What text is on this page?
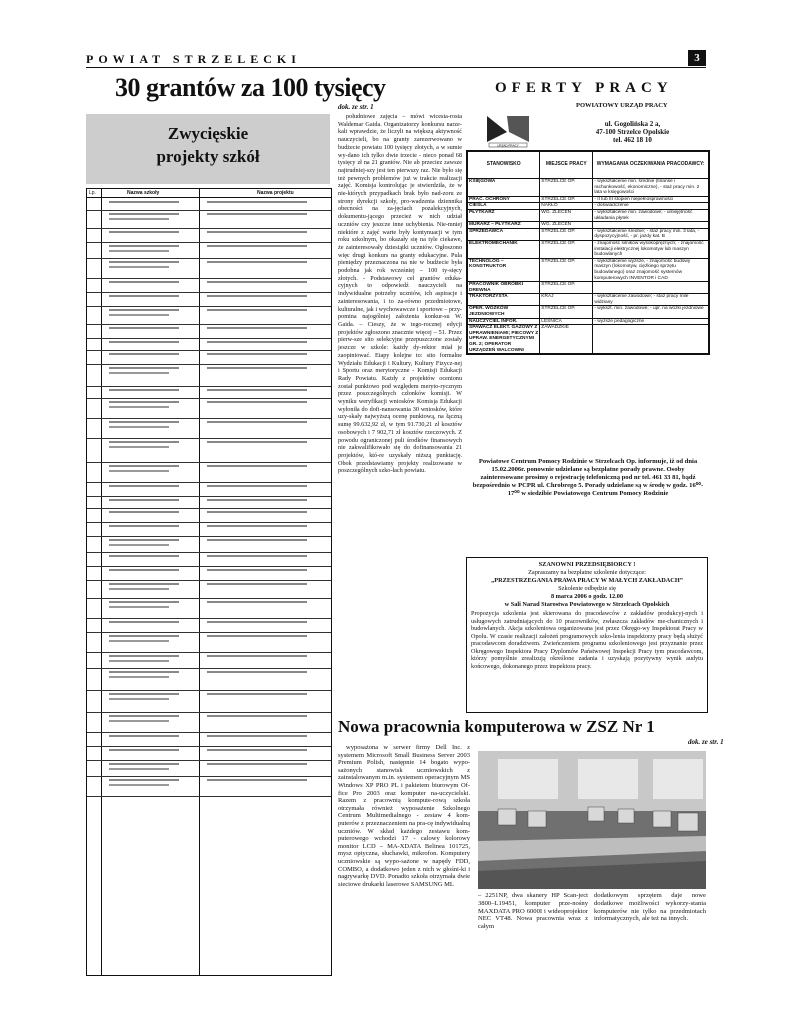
POWIAT STRZELECKI	3
30 grantów za 100 tysięcy
dok. ze str. 1
Zwycięskie
projekty szkół
Lp.	Nazwa szkoły	Nazwa projektu

południowe zajęcia – mówi wicesta-rosta Waldemar Gaida. Organizatorzy konkursu narze-kali wprawdzie, że liczyli na większą aktywność nauczycieli, bo na granty zarezerwowano w budżecie powiatu 100 tysięcy złotych, a w sumie wy-dano ich tylko dwie trzecie - nieco ponad 68 tysięcy zł na 21 grantów. Nie ab przeciez zawsze najtrudniej-szy jest ten pierwszy raz. Nie było się też pewnych problemów już w trakcie realizacji zajęć. Komisja kontrolując je stwierdziła, że w nie-których przypadkach brak było nad-zoru ze strony dyrekcji szkoły, pro-wadzenia dziennika obecności na za-jęciach pozalekcyjnych, dokumentu-jącego przecież w nich udział uczniów czy jeszcze inne uchybienia. Nie-mniej niektóre z zajęć warte były kontynuacji w tym roku szkolnym, bo okazały się na tyle ciekawe, że zainteresowały dziesiątki uczniów. Ogłoszono więc drugi konkurs na granty edukacyjne. Pula pieniędzy przeznaczona na nie w budżecie była podobna jak rok wcześniej – 100 ty-sięcy złotych. - Podstawowy cel grantów eduka-cyjnych to odpowiedź nauczycieli na indywidualne potrzeby uczniów, ich aspiracje i zainteresowania, i to za-równo przedmiotowe, kulturalne, jak i wychowawcze i sportowe – przy-pomina najogólniej założenia konkur-su W. Gaida. – Cieszy, że w tego-rocznej edycji projektów zgłoszono znacznie więcej – 51. Przez pierw-sze sito selekcyjne przepuszczone zostały jeszcze w szkole: każdy dy-rektor miał je zaopiniować. Etapy kolejne to: sito formalne Wydziału Edukacji i Kultury, Kultury Fizycz-nej i Sportu oraz merytoryczne - Komisji Edukacji Rady Powiatu. Każdy z projektów ocenionu został punktowo pod względem meryto-rycznym przez poszczególnych członków komisji. W wyniku weryfikacji wniosków Komisja Edukacji wyłoniła do dofi-nansowania 30 wniosków, które uzy-skały najwyższą ocenę punktową, na łączną sumę 99.632,92 zł, w tym 91.730,21 zł kosztów osobowych i 7 902,71 zł kosztów rzeczowych. Z powodu ograniczonej puli środków finansowych nie zakwalifikowało się do dofinansowania 21 projektów, któ-re uzyskały niższą punktację. Obok przedstawiamy projekty realizowane w poszczególnych szko-łach powiatu.

OFERTY PRACY
POWIATOWY URZĄD PRACY
URZĄD PRACY
ul. Gogolińska 2 a,
47-100 Strzelce Opolskie
tel. 462 18 10
STANOWISKO	MIEJSCE PRACY	WYMAGANIA OCZEKIWANIA PRACODAWCY:
KSIĘGOWA	STRZELCE OP.	- wykształcenie min. średnie (finanse i rachunkowość, ekonomiczne), - staż pracy min. 2 lata w księgowości
PRAC. OCHRONY	STRZELCE OP.	- II lub III stopień niepełnosprawności
CIEŚLA	NAKŁO	- doświadczenie
PŁYTKARZ	WG. ZLECEŃ	- wykształcenie min. zawodowe; - umiejętność układania płytek
MURARZ – PŁYTKARZ	WG. ZLECEŃ	
SPRZEDAWCA	STRZELCE OP.	- wykształcenie średnie; - staż pracy min. 3 lata, - dyspozycyjność, - pr. jazdy kat. B
ELEKTROMECHANIK	STRZELCE OP.	- znajomość silników wysokoprężnych; - znajomość instalacji elektrycznej lokomotyw lub maszyn budowlanych
TECHNOLOG –KONSTRUKTOR	STRZELCE OP.	- wykształcenie wyższe, - znajomość budowy maszyn (lokomotyw, ciężkiego sprzętu budowlanego) oraz znajomość systemów komputerowych INVENTOR i CAD
PRACOWNIK OBRÓBKI DREWNA	STRZELCE OP.	
TRAKTORZYSTA	KRAJ	- wykształcenie zawodowe; - staż pracy mile widziany
OPER. WÓZKÓW JEZDNIOWYCH	STRZELCE OP.	- wykszt. min. zawodowe; - upr. na wózki jezdniowe
NAUCZYCIEL INFOR.	LEŚNICA	- wyższe pedagogiczne
SPAWACZ ELEKT. GAZOWY Z UPRAWNIENIAMI; PIECOWY Z UPRAW. ENERGETYCZNYMI GR. 2; OPERATOR URZĄDZEŃ WALCOWNI	ZAWADZKIE	
Powiatowe Centrum Pomocy Rodzinie w Strzelcach Op. informuje, iż od dnia 15.02.2006r. ponownie udzielane są bezpłatne porady prawne. Osoby zainteresowane prosimy o rejestrację telefoniczną pod nr tel. 461 33 81, bądź bezpośrednio w PCPR ul. Chrobrego 5. Porady udzielane są w środę w godz. 16⁰⁰- 17⁰⁰ w siedzibie Powiatowego Centrum Pomocy Rodzinie
SZANOWNI PRZEDSIĘBIORCY !
Zapraszamy na bezpłatne szkolenie dotyczące:
„PRZESTRZEGANIA PRAWA PRACY W MAŁYCH ZAKŁADACH”
Szkolenie odbędzie się
8 marca 2006 o godz. 12.00
w Sali Narad Starostwa Powiatowego w Strzelcach Opolskich
Propozycja szkolenia jest skierowana do pracodawców z zakładów produkcyj-nych i usługowych zatrudniających do 10 pracowników, zwłaszcza zakładów me-chanicznych i budowlanych. Akcja szkoleniowa organizowana jest przez Okręgo-wy Inspektorat Pracy w Opolu. W czasie realizacji założeń programowych szko-lenia inspektorzy pracy będą służyć pracodawcom doradztwem. Zwieńczeniem programu szkoleniowego jest przyznanie przez Okręgowego Inspektora Pracy Dyplomów Państwowej Inspekcji Pracy tym pracodawcom, którzy pomyślnie zrealizują określone zadania i uzyskają pozytywny wynik audytu końcowego, dokonanego przez inspektora pracy.
Nowa pracownia komputerowa w ZSZ Nr 1
dok. ze str. 1

wyposażona w serwer firmy Dell Inc. z systemem Microsoft Small Business Server 2003 Premium Polish, następnie 14 bogato wypo-sażonych stanowisk uczniowskich z zainstalowanym m.in. systemem operacyjnym MS Windows XP PRO PL i pakietem biurowym Of-fice Pro 2003 oraz komputer na-uczycielski. Razem z pracownią kompute-rową szkoła otrzymała również wyposażenie Szkolnego Centrum Multimedialnego - zestaw 4 kom-puterów z przeznaczeniem na pra-cę indywidualną uczniów. W skład każdego zestawu kom-puterowego wchodzi 17 - calowy kolorowy monitor LCD – MA-XDATA Belinea 101725, mysz optyczna, słuchawki, mikrofon. Komputery uczniowskie są wypo-sażone w napędy FDD, COMBO, a dodatkowo jeden z nich w głośni-ki i nagrywarkę DVD. Ponadto szkoła otrzymała dwie sieciowe drukarki laserowe SAMSUNG ML

– 2251NP, dwa skanery HP Scan-ject 3800–L19451, komputer prze-nośny MAXDATA PRO 6000I i wideoprojektor NEC VT48. Nowa pracownia wraz z całym
dodatkowym sprzętem daje nowe dodatkowe możliwości wykorzy-stania komputerów nie tylko na przedmiotach informatycznych, ale też na innych.
